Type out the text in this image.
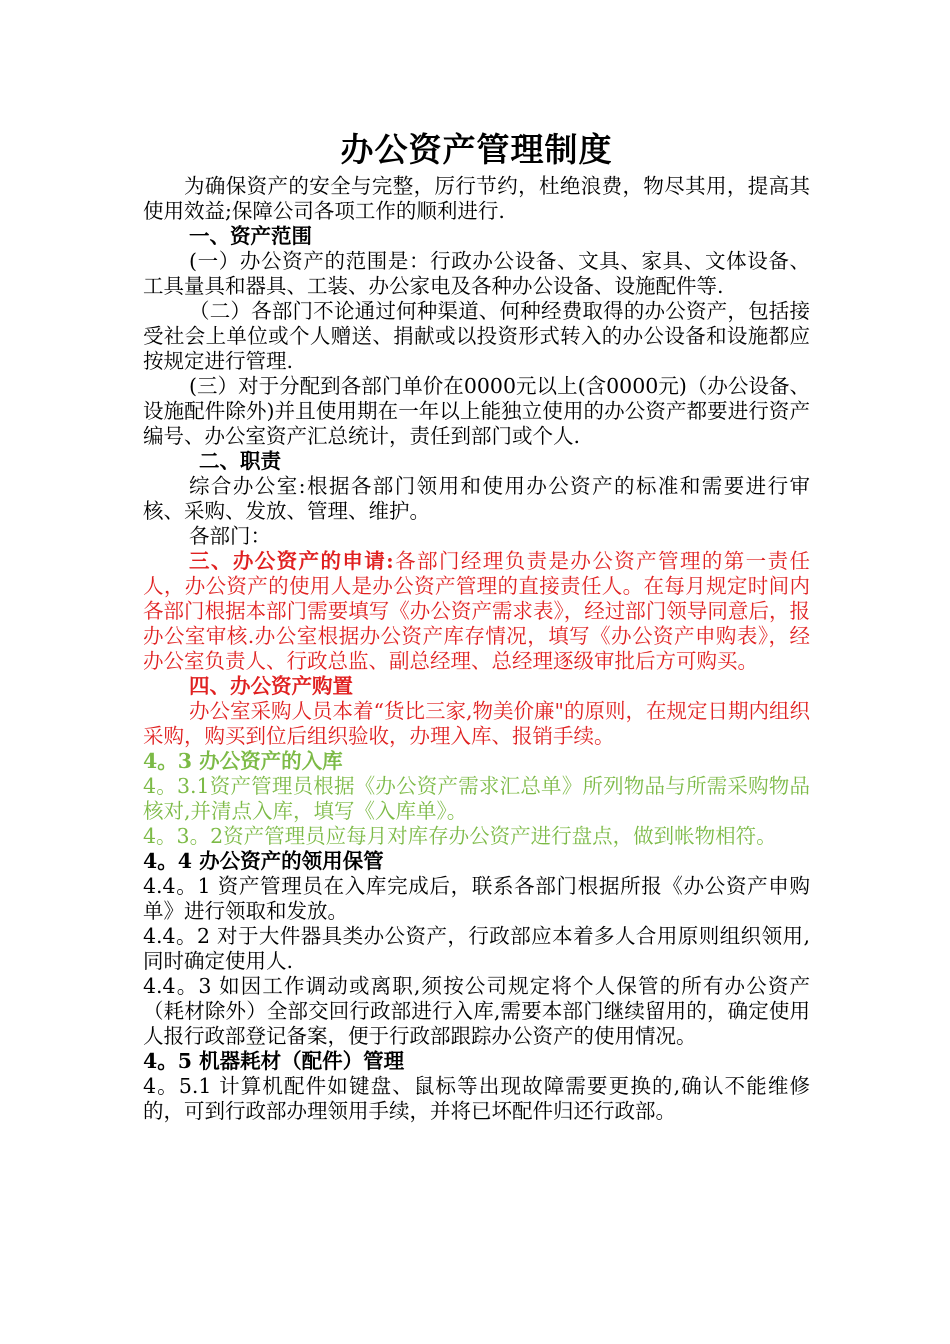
办公资产管理制度

为确保资产的安全与完整，厉行节约，杜绝浪费，物尽其用，提高其使用效益;保障公司各项工作的顺利进行.

一、资产范围

(一）办公资产的范围是：行政办公设备、文具、家具、文体设备、工具量具和器具、工装、办公家电及各种办公设备、设施配件等.

（二）各部门不论通过何种渠道、何种经费取得的办公资产，包括接受社会上单位或个人赠送、捐献或以投资形式转入的办公设备和设施都应按规定进行管理.

(三）对于分配到各部门单价在0000元以上(含0000元)（办公设备、设施配件除外)并且使用期在一年以上能独立使用的办公资产都要进行资产编号、办公室资产汇总统计，责任到部门或个人.

二、职责

综合办公室:根据各部门领用和使用办公资产的标准和需要进行审核、采购、发放、管理、维护。

各部门：

三、办公资产的申请:各部门经理负责是办公资产管理的第一责任人，办公资产的使用人是办公资产管理的直接责任人。在每月规定时间内各部门根据本部门需要填写《办公资产需求表》，经过部门领导同意后，报办公室审核.办公室根据办公资产库存情况，填写《办公资产申购表》，经办公室负责人、行政总监、副总经理、总经理逐级审批后方可购买。

四、办公资产购置

办公室采购人员本着“货比三家,物美价廉"的原则，在规定日期内组织采购，购买到位后组织验收，办理入库、报销手续。

4。3 办公资产的入库

4。3.1资产管理员根据《办公资产需求汇总单》所列物品与所需采购物品核对,并清点入库，填写《入库单》。

4。3。2资产管理员应每月对库存办公资产进行盘点，做到帐物相符。

4。4 办公资产的领用保管

4.4。1 资产管理员在入库完成后，联系各部门根据所报《办公资产申购单》进行领取和发放。

4.4。2 对于大件器具类办公资产，行政部应本着多人合用原则组织领用,同时确定使用人.

4.4。3 如因工作调动或离职,须按公司规定将个人保管的所有办公资产（耗材除外）全部交回行政部进行入库,需要本部门继续留用的，确定使用人报行政部登记备案，便于行政部跟踪办公资产的使用情况。

4。5 机器耗材（配件）管理

4。5.1 计算机配件如键盘、鼠标等出现故障需要更换的,确认不能维修的，可到行政部办理领用手续，并将已坏配件归还行政部。
